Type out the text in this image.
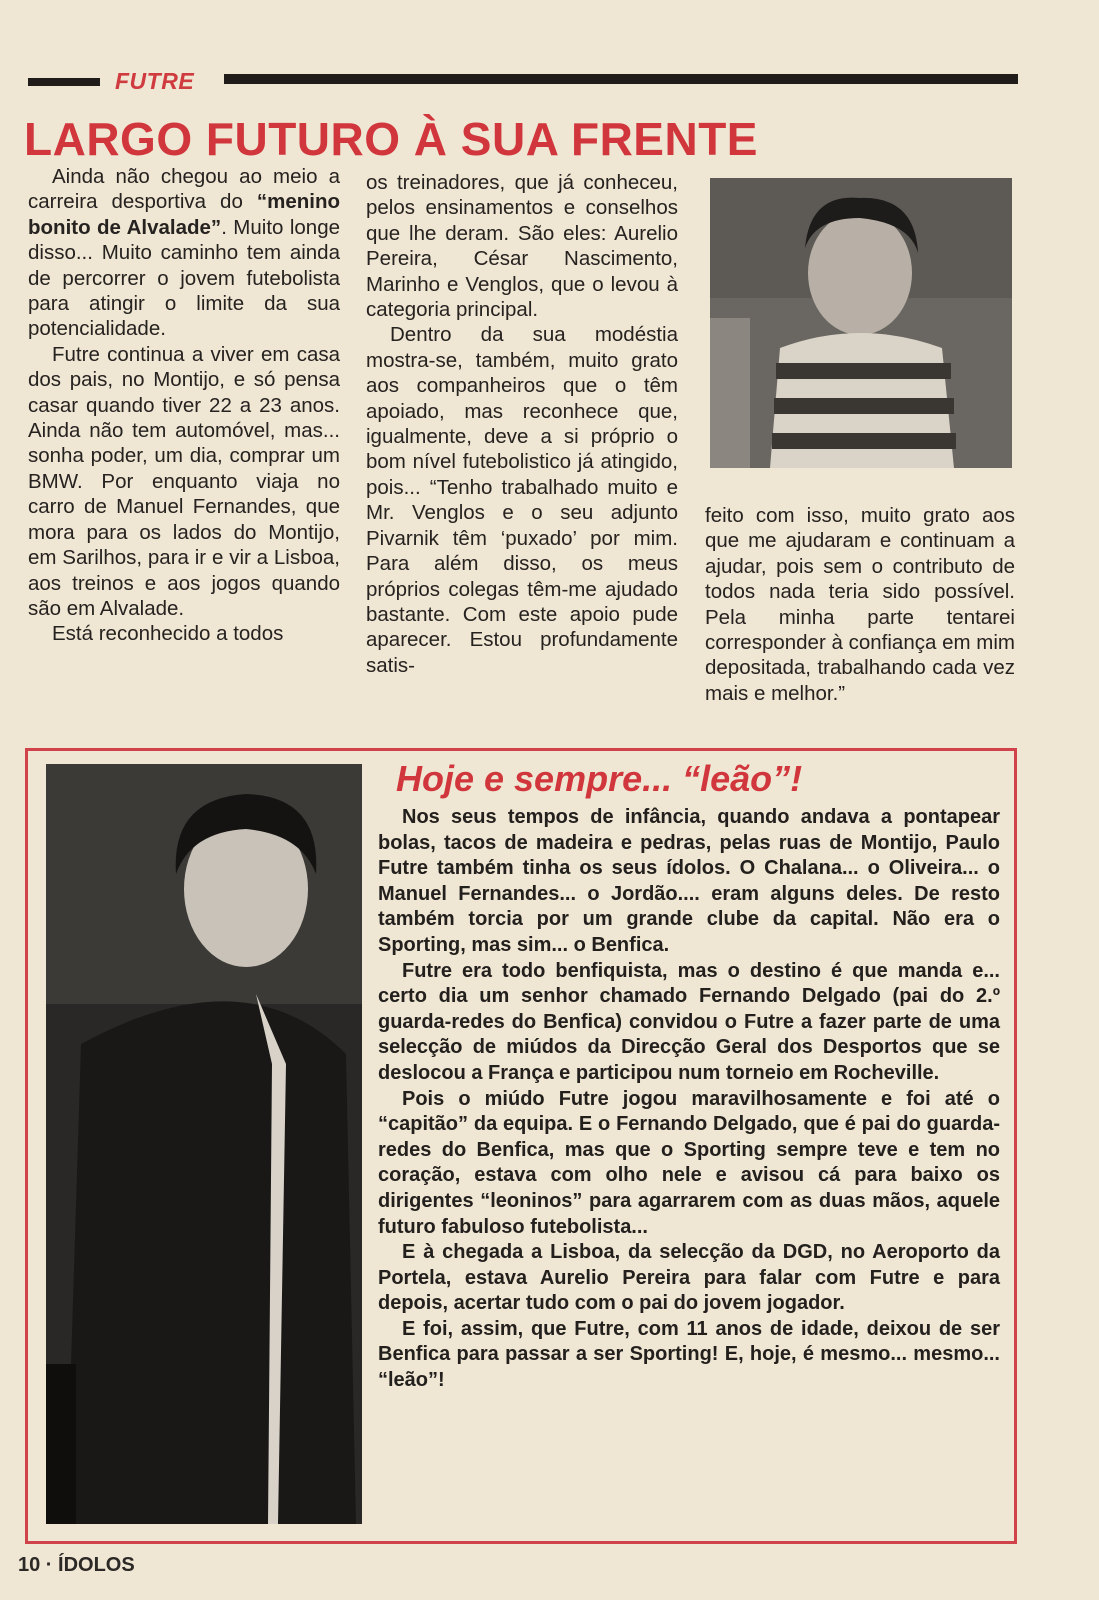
FUTRE
LARGO FUTURO À SUA FRENTE

Ainda não chegou ao meio a carreira desportiva do “menino bonito de Alvalade”. Muito longe disso... Muito caminho tem ainda de percorrer o jovem futebolista para atingir o limite da sua potencialidade.

Futre continua a viver em casa dos pais, no Montijo, e só pensa casar quando tiver 22 a 23 anos. Ainda não tem automóvel, mas... sonha poder, um dia, comprar um BMW. Por enquanto viaja no carro de Manuel Fernandes, que mora para os lados do Montijo, em Sarilhos, para ir e vir a Lisboa, aos treinos e aos jogos quando são em Alvalade.

Está reconhecido a todos

os treinadores, que já conheceu, pelos ensinamentos e conselhos que lhe deram. São eles: Aurelio Pereira, César Nascimento, Marinho e Venglos, que o levou à categoria principal.

Dentro da sua modéstia mostra-se, também, muito grato aos companheiros que o têm apoiado, mas reconhece que, igualmente, deve a si próprio o bom nível futebolistico já atingido, pois... “Tenho trabalhado muito e Mr. Venglos e o seu adjunto Pivarnik têm ‘puxado’ por mim. Para além disso, os meus próprios colegas têm-me ajudado bastante. Com este apoio pude aparecer. Estou profundamente satis-

feito com isso, muito grato aos que me ajudaram e continuam a ajudar, pois sem o contributo de todos nada teria sido possível. Pela minha parte tentarei corresponder à confiança em mim depositada, trabalhando cada vez mais e melhor.”

Hoje e sempre... “leão”!

Nos seus tempos de infância, quando andava a pontapear bolas, tacos de madeira e pedras, pelas ruas de Montijo, Paulo Futre também tinha os seus ídolos. O Chalana... o Oliveira... o Manuel Fernandes... o Jordão.... eram alguns deles. De resto também torcia por um grande clube da capital. Não era o Sporting, mas sim... o Benfica.

Futre era todo benfiquista, mas o destino é que manda e... certo dia um senhor chamado Fernando Delgado (pai do 2.º guarda-redes do Benfica) convidou o Futre a fazer parte de uma selecção de miúdos da Direcção Geral dos Desportos que se deslocou a França e participou num torneio em Rocheville.

Pois o miúdo Futre jogou maravilhosamente e foi até o “capitão” da equipa. E o Fernando Delgado, que é pai do guarda-redes do Benfica, mas que o Sporting sempre teve e tem no coração, estava com olho nele e avisou cá para baixo os dirigentes “leoninos” para agarrarem com as duas mãos, aquele futuro fabuloso futebolista...

E à chegada a Lisboa, da selecção da DGD, no Aeroporto da Portela, estava Aurelio Pereira para falar com Futre e para depois, acertar tudo com o pai do jovem jogador.

E foi, assim, que Futre, com 11 anos de idade, deixou de ser Benfica para passar a ser Sporting! E, hoje, é mesmo... mesmo... “leão”!

10 · ÍDOLOS
